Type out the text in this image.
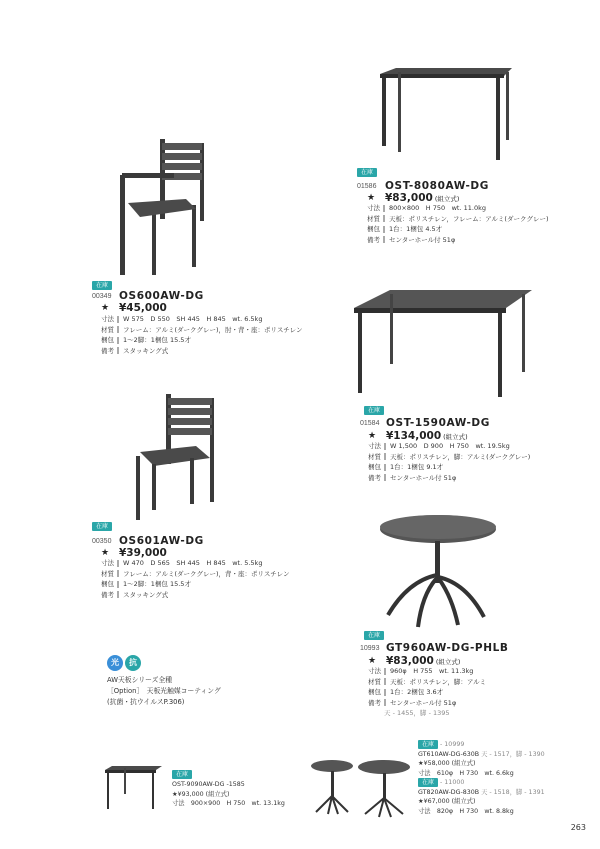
在庫
00349 OS600AW-DG
★ ¥45,000
寸法 W 575　D 550　SH 445　H 845　wt. 6.5kg
材質 フレーム：アルミ(ダークグレー)，肘・背・座：ポリスチレン
梱包 1～2脚：1梱包 15.5才
備考 スタッキング式
在庫
00350 OS601AW-DG
★ ¥39,000
寸法 W 470　D 565　SH 445　H 845　wt. 5.5kg
材質 フレーム：アルミ(ダークグレー)，背・座：ポリスチレン
梱包 1～2脚：1梱包 15.5才
備考 スタッキング式
在庫
01586 OST-8080AW-DG
★ ¥83,000 (組立式)
寸法 800×800　H 750　wt. 11.0kg
材質 天板：ポリスチレン，フレーム：アルミ(ダークグレー)
梱包 1台：1梱包 4.5才
備考 センターホール付 51φ
在庫
01584 OST-1590AW-DG
★ ¥134,000 (組立式)
寸法 W 1,500　D 900　H 750　wt. 19.5kg
材質 天板：ポリスチレン，脚：アルミ(ダークグレー)
梱包 1台：1梱包 9.1才
備考 センターホール付 51φ
在庫
10993 GT960AW-DG-PHLB
★ ¥83,000 (組立式)
寸法 960φ　H 755　wt. 11.3kg
材質 天板：ポリスチレン，脚：アルミ
梱包 1台：2梱包 3.6才
備考 センターホール付 51φ
天 - 1455，脚 - 1395
光	抗
AW天板シリーズ全種
［Option］　天板光触媒コーティング
(抗菌・抗ウイルスP.306)
在庫
OST-9090AW-DG -1585
★¥93,000 (組立式)
寸法　900×900　H 750　wt. 13.1kg
在庫 - 10999
GT610AW-DG-630B 天 - 1517，脚 - 1390
★¥58,000 (組立式)
寸法　610φ　H 730　wt. 6.6kg
在庫 - 11000
GT820AW-DG-830B 天 - 1518，脚 - 1391
★¥67,000 (組立式)
寸法　820φ　H 730　wt. 8.8kg
263
